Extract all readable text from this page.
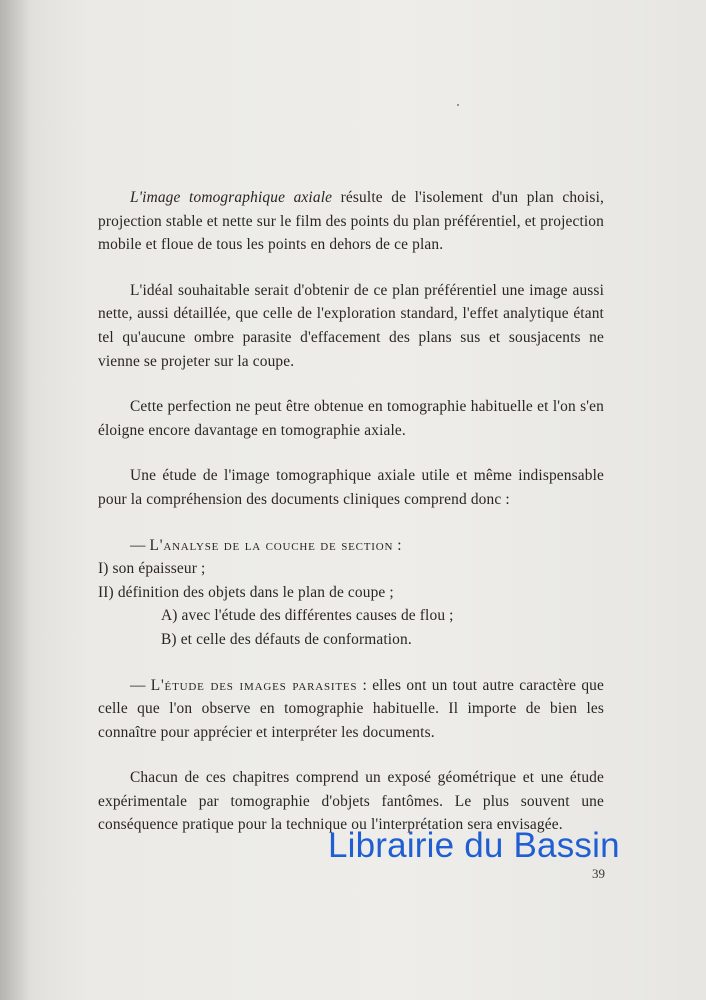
L'image tomographique axiale résulte de l'isolement d'un plan choisi, projection stable et nette sur le film des points du plan préférentiel, et projection mobile et floue de tous les points en dehors de ce plan.

L'idéal souhaitable serait d'obtenir de ce plan préférentiel une image aussi nette, aussi détaillée, que celle de l'exploration standard, l'effet analytique étant tel qu'aucune ombre parasite d'effacement des plans sus et sousjacents ne vienne se projeter sur la coupe.

Cette perfection ne peut être obtenue en tomographie habituelle et l'on s'en éloigne encore davantage en tomographie axiale.

Une étude de l'image tomographique axiale utile et même indispensable pour la compréhension des documents cliniques comprend donc :

— L'analyse de la couche de section :

I) son épaisseur ;

II) définition des objets dans le plan de coupe ;

A) avec l'étude des différentes causes de flou ;

B) et celle des défauts de conformation.

— L'étude des images parasites : elles ont un tout autre caractère que celle que l'on observe en tomographie habituelle. Il importe de bien les connaître pour apprécier et interpréter les documents.

Chacun de ces chapitres comprend un exposé géométrique et une étude expérimentale par tomographie d'objets fantômes. Le plus souvent une conséquence pratique pour la technique ou l'interprétation sera envisagée.

Librairie du Bassin
39
